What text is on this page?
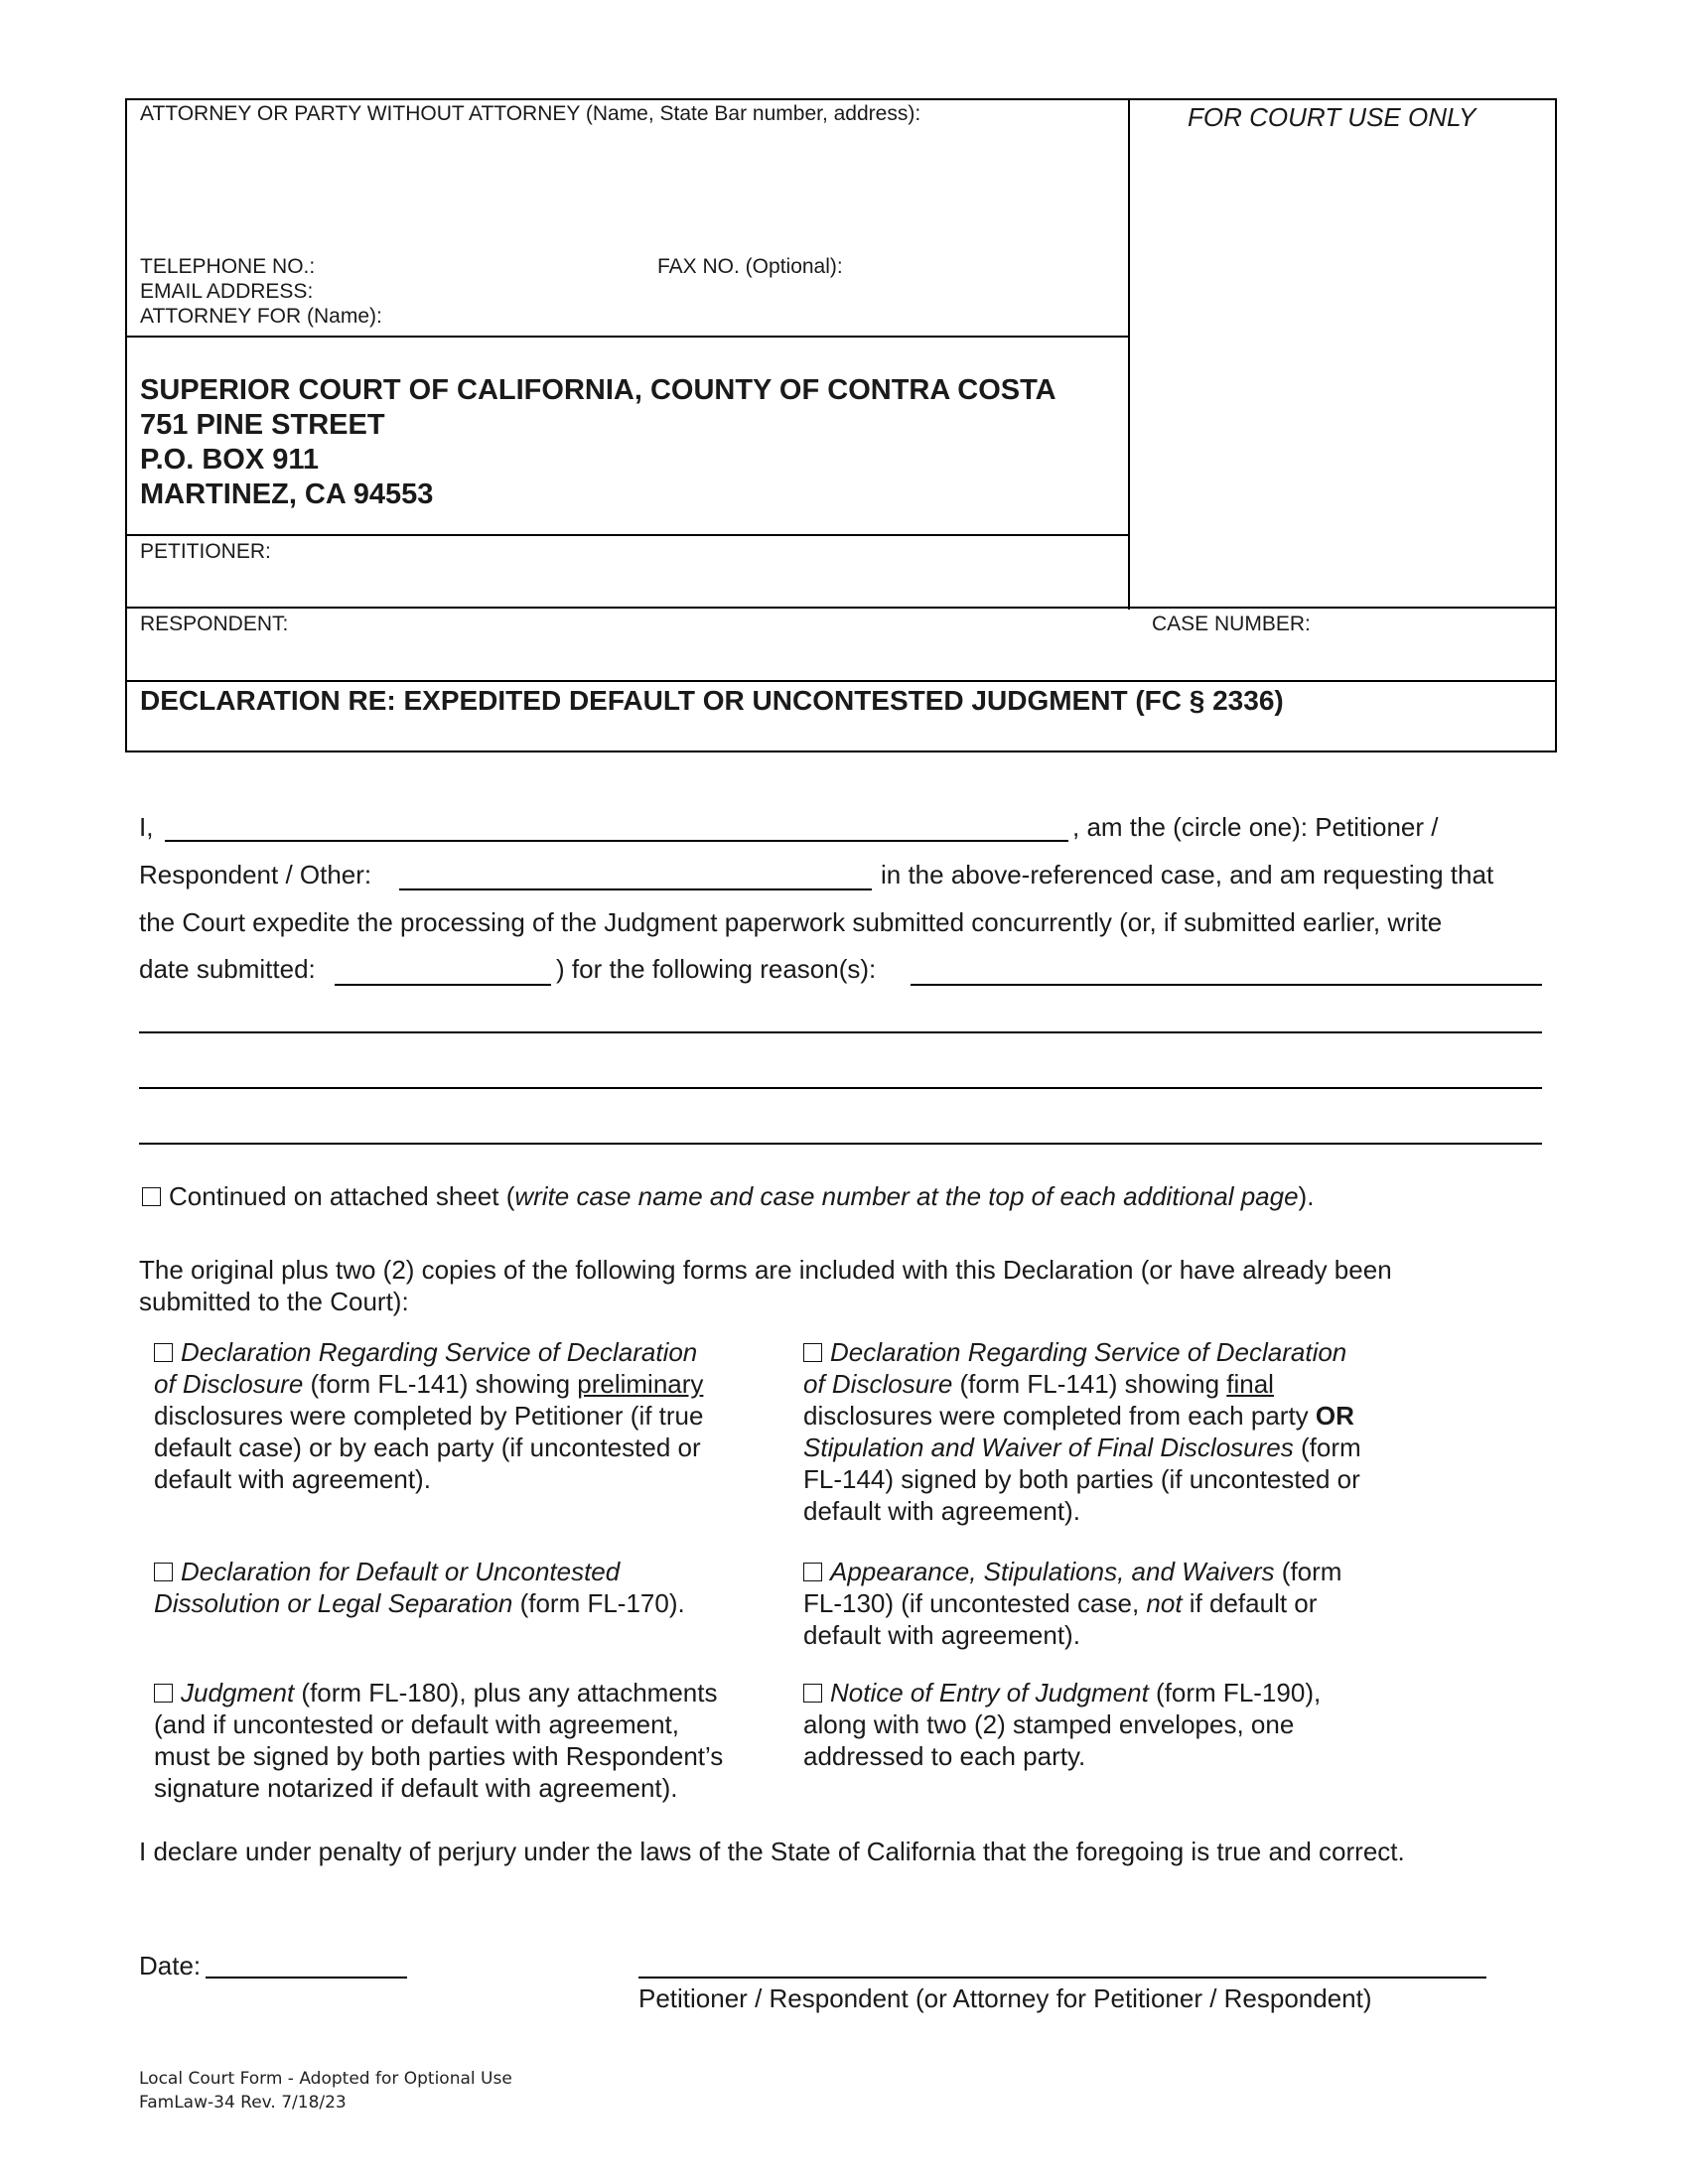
ATTORNEY OR PARTY WITHOUT ATTORNEY (Name, State Bar number, address):	FOR COURT USE ONLY
TELEPHONE NO.:	FAX NO. (Optional):
EMAIL ADDRESS:
ATTORNEY FOR (Name):
SUPERIOR COURT OF CALIFORNIA, COUNTY OF CONTRA COSTA
751 PINE STREET
P.O. BOX 911
MARTINEZ, CA 94553
PETITIONER:
RESPONDENT:	CASE NUMBER:
DECLARATION RE: EXPEDITED DEFAULT OR UNCONTESTED JUDGMENT (FC § 2336)
I,	, am the (circle one): Petitioner /
Respondent / Other:	in the above-referenced case, and am requesting that
the Court expedite the processing of the Judgment paperwork submitted concurrently (or, if submitted earlier, write
date submitted:	) for the following reason(s):
Continued on attached sheet (write case name and case number at the top of each additional page).
The original plus two (2) copies of the following forms are included with this Declaration (or have already been
submitted to the Court):
Declaration Regarding Service of Declaration
of Disclosure (form FL-141) showing preliminary
disclosures were completed by Petitioner (if true
default case) or by each party (if uncontested or
default with agreement).
Declaration for Default or Uncontested
Dissolution or Legal Separation (form FL-170).
Judgment (form FL-180), plus any attachments
(and if uncontested or default with agreement,
must be signed by both parties with Respondent’s
signature notarized if default with agreement).
Declaration Regarding Service of Declaration
of Disclosure (form FL-141) showing final
disclosures were completed from each party OR
Stipulation and Waiver of Final Disclosures (form
FL-144) signed by both parties (if uncontested or
default with agreement).
Appearance, Stipulations, and Waivers (form
FL-130) (if uncontested case, not if default or
default with agreement).
Notice of Entry of Judgment (form FL-190),
along with two (2) stamped envelopes, one
addressed to each party.
I declare under penalty of perjury under the laws of the State of California that the foregoing is true and correct.
Date:
Petitioner / Respondent (or Attorney for Petitioner / Respondent)
Local Court Form - Adopted for Optional Use
FamLaw-34 Rev. 7/18/23
